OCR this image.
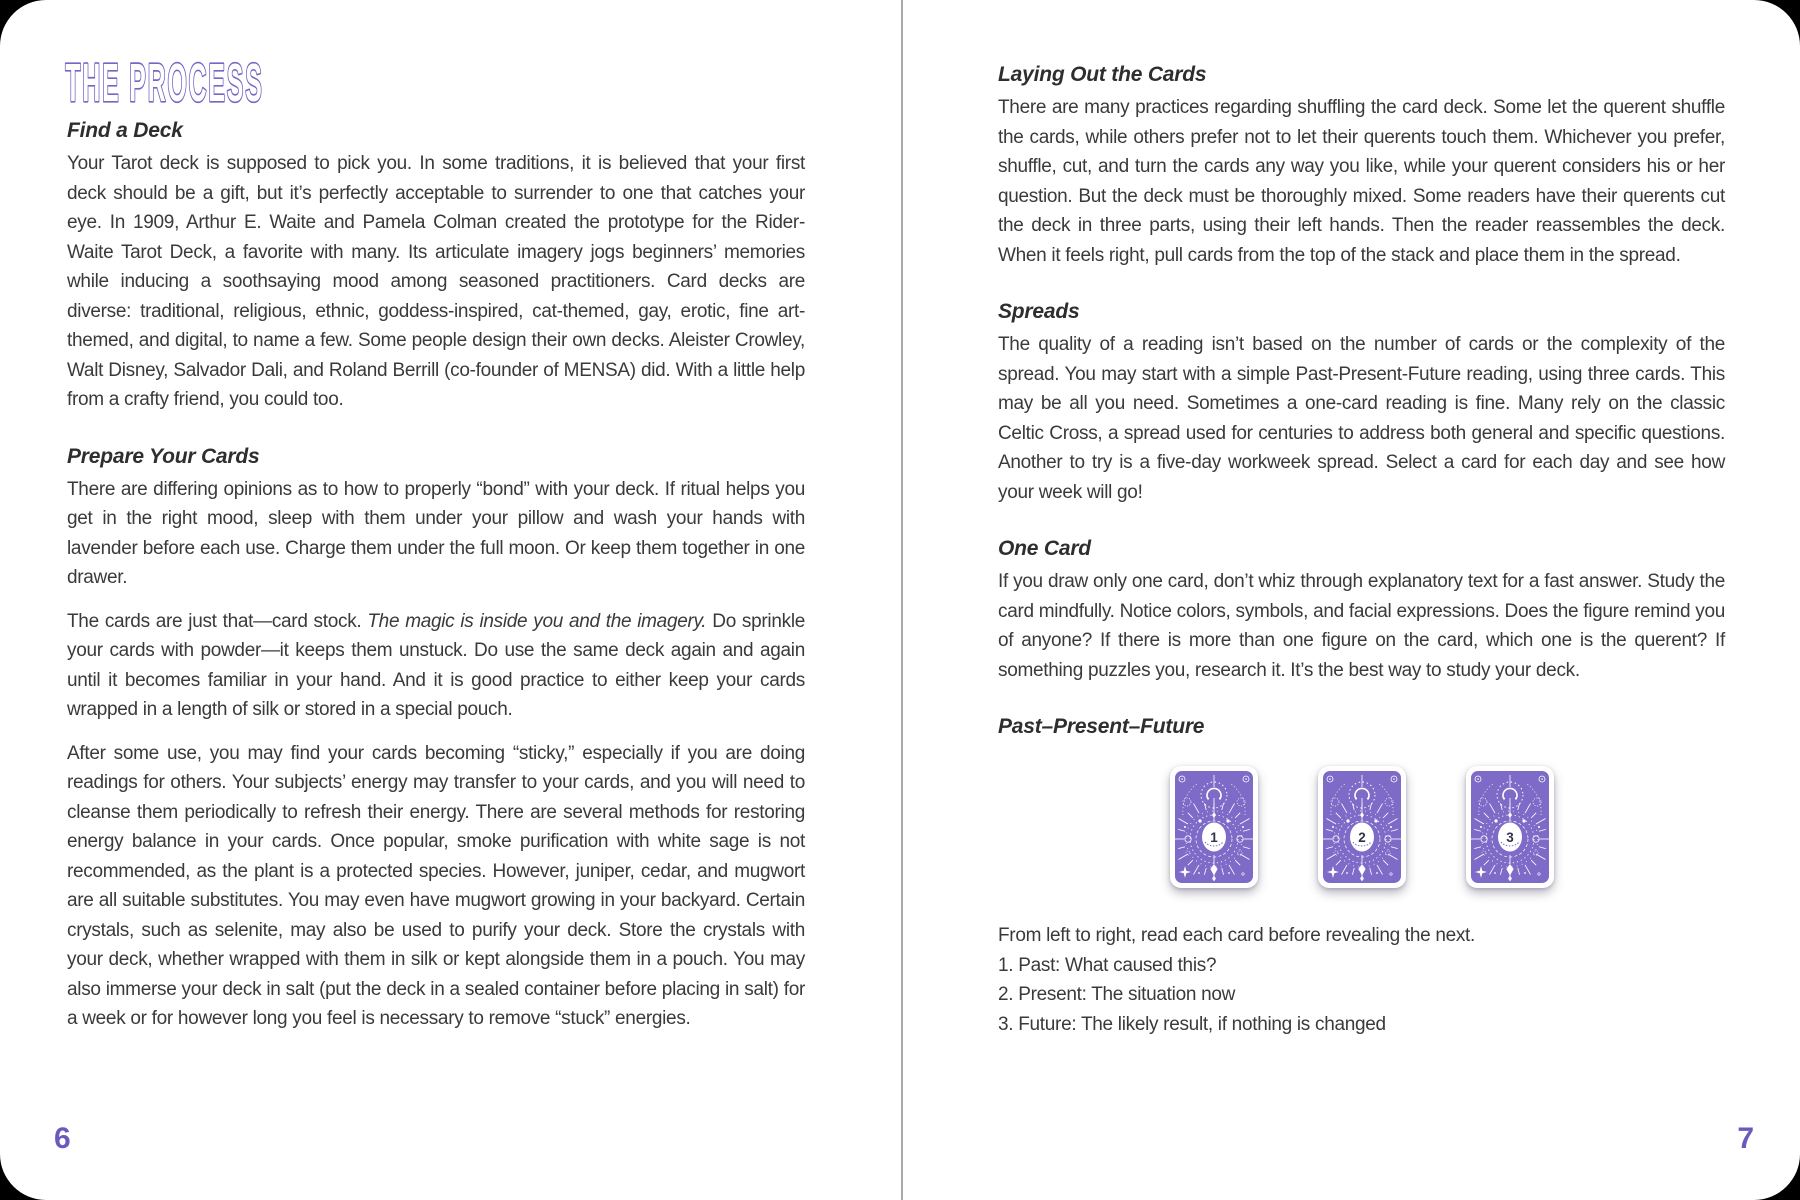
THE PROCESS
Find a Deck

Your Tarot deck is supposed to pick you. In some traditions, it is believed that your first deck should be a gift, but it’s perfectly acceptable to surrender to one that catches your eye. In 1909, Arthur E. Waite and Pamela Colman created the prototype for the Rider-Waite Tarot Deck, a favorite with many. Its articulate imagery jogs beginners’ memories while inducing a soothsaying mood among seasoned practitioners. Card decks are diverse: traditional, religious, ethnic, goddess-inspired, cat-themed, gay, erotic, fine art-themed, and digital, to name a few. Some people design their own decks. Aleister Crowley, Walt Disney, Salvador Dali, and Roland Berrill (co-founder of MENSA) did. With a little help from a crafty friend, you could too.

Prepare Your Cards

There are differing opinions as to how to properly “bond” with your deck. If ritual helps you get in the right mood, sleep with them under your pillow and wash your hands with lavender before each use. Charge them under the full moon. Or keep them together in one drawer.

The cards are just that—card stock. The magic is inside you and the imagery. Do sprinkle your cards with powder—it keeps them unstuck. Do use the same deck again and again until it becomes familiar in your hand. And it is good practice to either keep your cards wrapped in a length of silk or stored in a special pouch.

After some use, you may find your cards becoming “sticky,” especially if you are doing readings for others. Your subjects’ energy may transfer to your cards, and you will need to cleanse them periodically to refresh their energy. There are several methods for restoring energy balance in your cards. Once popular, smoke purification with white sage is not recommended, as the plant is a protected species. However, juniper, cedar, and mugwort are all suitable substitutes. You may even have mugwort growing in your backyard. Certain crystals, such as selenite, may also be used to purify your deck. Store the crystals with your deck, whether wrapped with them in silk or kept alongside them in a pouch. You may also immerse your deck in salt (put the deck in a sealed container before placing in salt) for a week or for however long you feel is necessary to remove “stuck” energies.

Laying Out the Cards

There are many practices regarding shuffling the card deck. Some let the querent shuffle the cards, while others prefer not to let their querents touch them. Whichever you prefer, shuffle, cut, and turn the cards any way you like, while your querent considers his or her question. But the deck must be thoroughly mixed. Some readers have their querents cut the deck in three parts, using their left hands. Then the reader reassembles the deck. When it feels right, pull cards from the top of the stack and place them in the spread.

Spreads

The quality of a reading isn’t based on the number of cards or the complexity of the spread. You may start with a simple Past-Present-Future reading, using three cards. This may be all you need. Sometimes a one-card reading is fine. Many rely on the classic Celtic Cross, a spread used for centuries to address both general and specific questions. Another to try is a five-day workweek spread. Select a card for each day and see how your week will go!

One Card

If you draw only one card, don’t whiz through explanatory text for a fast answer. Study the card mindfully. Notice colors, symbols, and facial expressions. Does the figure remind you of anyone? If there is more than one figure on the card, which one is the querent? If something puzzles you, research it. It’s the best way to study your deck.

Past–Present–Future
1	2	3

From left to right, read each card before revealing the next.

1. Past: What caused this?

2. Present: The situation now

3. Future: The likely result, if nothing is changed

6	7
